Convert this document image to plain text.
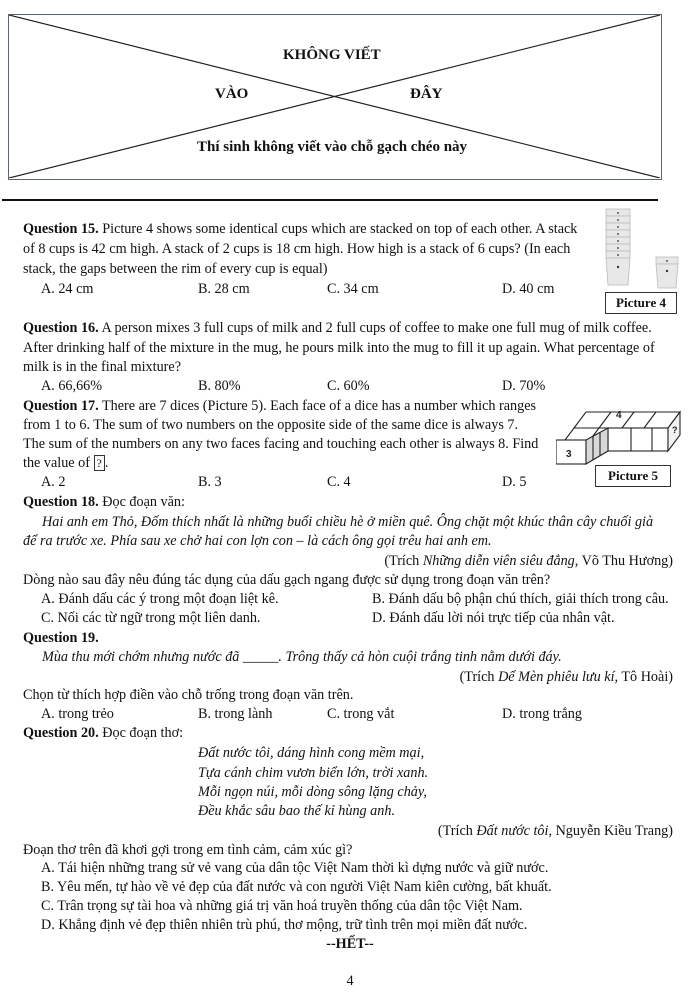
KHÔNG VIẾT
VÀO	ĐÂY
Thí sinh không viết vào chỗ gạch chéo này
Question 15. Picture 4 shows some identical cups which are stacked on top of each other. A stack
of 8 cups is 42 cm high. A stack of 2 cups is 18 cm high. How high is a stack of 6 cups? (In each
stack, the gaps between the rim of every cup is equal)
A. 24 cm	B. 28 cm	C. 34 cm	D. 40 cm
Picture 4
Question 16. A person mixes 3 full cups of milk and 2 full cups of coffee to make one full mug of milk coffee.
After drinking half of the mixture in the mug, he pours milk into the mug to fill it up again. What percentage of
milk is in the final mixture?
A. 66,66%	B. 80%	C. 60%	D. 70%
Question 17. There are 7 dices (Picture 5). Each face of a dice has a number which ranges
from 1 to 6. The sum of two numbers on the opposite side of the same dice is always 7.
The sum of the numbers on any two faces facing and touching each other is always 8. Find
the value of ? .
A. 2	B. 3	C. 4	D. 5
4
3
?
Picture 5
Question 18. Đọc đoạn văn:
Hai anh em Thỏ, Đốm thích nhất là những buổi chiều hè ở miền quê. Ông chặt một khúc thân cây chuối già
để ra trước xe. Phía sau xe chở hai con lợn con – là cách ông gọi trêu hai anh em.
(Trích Những diễn viên siêu đẳng, Võ Thu Hương)
Dòng nào sau đây nêu đúng tác dụng của dấu gạch ngang được sử dụng trong đoạn văn trên?
A. Đánh dấu các ý trong một đoạn liệt kê.	B. Đánh dấu bộ phận chú thích, giải thích trong câu.
C. Nối các từ ngữ trong một liên danh.	D. Đánh dấu lời nói trực tiếp của nhân vật.
Question 19.
Mùa thu mới chớm nhưng nước đã _____. Trông thấy cả hòn cuội trắng tinh nằm dưới đáy.
(Trích Dế Mèn phiêu lưu kí, Tô Hoài)
Chọn từ thích hợp điền vào chỗ trống trong đoạn văn trên.
A. trong trẻo	B. trong lành	C. trong vắt	D. trong trắng
Question 20. Đọc đoạn thơ:
Đất nước tôi, dáng hình cong mềm mại,
Tựa cánh chim vươn biển lớn, trời xanh.
Mỗi ngọn núi, mỗi dòng sông lặng chảy,
Đều khắc sâu bao thế kỉ hùng anh.
(Trích Đất nước tôi, Nguyễn Kiều Trang)
Đoạn thơ trên đã khơi gợi trong em tình cảm, cảm xúc gì?
A. Tái hiện những trang sử vẻ vang của dân tộc Việt Nam thời kì dựng nước và giữ nước.
B. Yêu mến, tự hào về vẻ đẹp của đất nước và con người Việt Nam kiên cường, bất khuất.
C. Trân trọng sự tài hoa và những giá trị văn hoá truyền thống của dân tộc Việt Nam.
D. Khẳng định vẻ đẹp thiên nhiên trù phú, thơ mộng, trữ tình trên mọi miền đất nước.
--HẾT--
4
